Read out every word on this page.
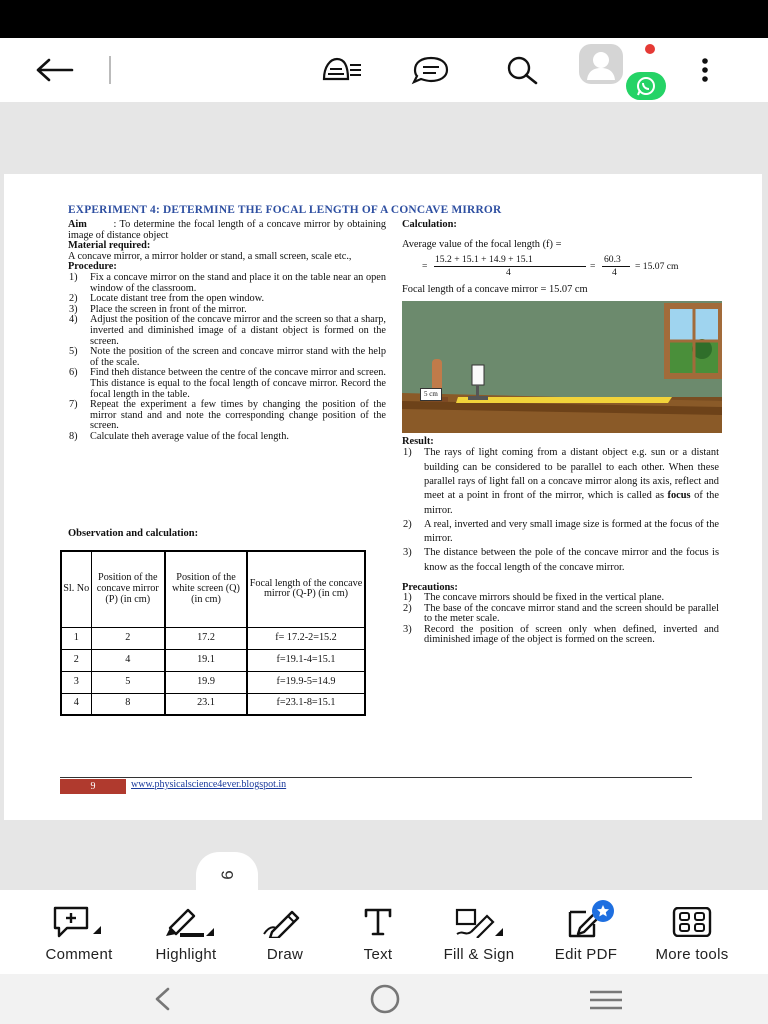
EXPERIMENT 4: DETERMINE THE FOCAL LENGTH OF A CONCAVE MIRROR
Aim	: To determine the focal length of a concave mirror by obtaining image of distance object
Material required:
A concave mirror, a mirror holder or stand, a small screen, scale etc.,
Procedure:
1) Fix a concave mirror on the stand and place it on the table near an open window of the classroom.
2) Locate distant tree from the open window.
3) Place the screen in front of the mirror.
4) Adjust the position of the concave mirror and the screen so that a sharp, inverted and diminished image of a distant object is formed on the screen.
5) Note the position of the screen and concave mirror stand with the help of the scale.
6) Find theh distance between the centre of the concave mirror and screen. This distance is equal to the focal length of concave mirror. Record the focal length in the table.
7) Repeat the experiment a few times by changing the position of the mirror stand and and note the corresponding change position of the screen.
8) Calculate theh average value of the focal length.
Observation and calculation:
Sl. No	Position of the concave mirror (P) (in cm)	Position of the white screen (Q) (in cm)	Focal length of the concave mirror (Q-P) (in cm)
1	2	17.2	f= 17.2-2=15.2
2	4	19.1	f=19.1-4=15.1
3	5	19.9	f=19.9-5=14.9
4	8	23.1	f=23.1-8=15.1
Calculation:
Average value of the focal length (f) =
=
15.2 + 15.1 + 14.9 + 15.1
4
=
60.3
4
= 15.07 cm
Focal length of a concave mirror = 15.07 cm
5 cm
Result:
1) The rays of light coming from a distant object e.g. sun or a distant building can be considered to be parallel to each other. When these parallel rays of light fall on a concave mirror along its axis, reflect and meet at a point in front of the mirror, which is called as focus of the mirror.
2) A real, inverted and very small image size is formed at the focus of the mirror.
3) The distance between the pole of the concave mirror and the focus is know as the foccal length of the concave mirror.
Precautions:
1) The concave mirrors should be fixed in the vertical plane.
2) The base of the concave mirror stand and the screen should be parallel to the meter scale.
3) Record the position of screen only when defined, inverted and diminished image of the object is formed on the screen.
9	www.physicalscience4ever.blogspot.in
9
Comment	Highlight	Draw	Text	Fill & Sign	Edit PDF	More tools
